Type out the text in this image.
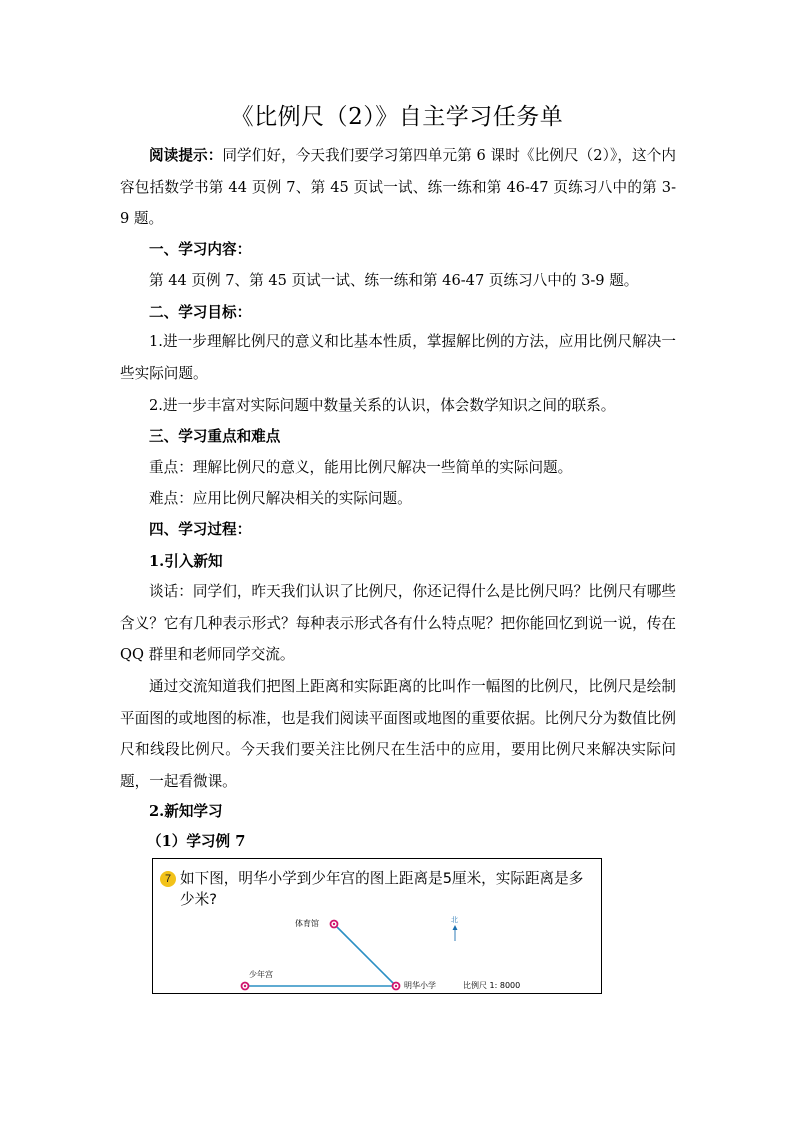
《比例尺（2）》自主学习任务单
阅读提示：同学们好，今天我们要学习第四单元第 6 课时《比例尺（2）》，这个内容包括数学书第 44 页例 7、第 45 页试一试、练一练和第 46-47 页练习八中的第 3-9 题。
一、学习内容：
第 44 页例 7、第 45 页试一试、练一练和第 46-47 页练习八中的 3-9 题。
二、学习目标：
1.进一步理解比例尺的意义和比基本性质，掌握解比例的方法，应用比例尺解决一些实际问题。
2.进一步丰富对实际问题中数量关系的认识，体会数学知识之间的联系。
三、学习重点和难点
重点：理解比例尺的意义，能用比例尺解决一些简单的实际问题。
难点：应用比例尺解决相关的实际问题。
四、学习过程：
1.引入新知
谈话：同学们，昨天我们认识了比例尺，你还记得什么是比例尺吗？比例尺有哪些含义？它有几种表示形式？每种表示形式各有什么特点呢？把你能回忆到说一说，传在 QQ 群里和老师同学交流。
通过交流知道我们把图上距离和实际距离的比叫作一幅图的比例尺，比例尺是绘制平面图的或地图的标准，也是我们阅读平面图或地图的重要依据。比例尺分为数值比例尺和线段比例尺。今天我们要关注比例尺在生活中的应用，要用比例尺来解决实际问题，一起看微课。
2.新知学习
（1）学习例 7
7 如下图，明华小学到少年宫的图上距离是5厘米，实际距离是多少米?
体育馆
少年宫
明华小学	比例尺 1: 8000
北
